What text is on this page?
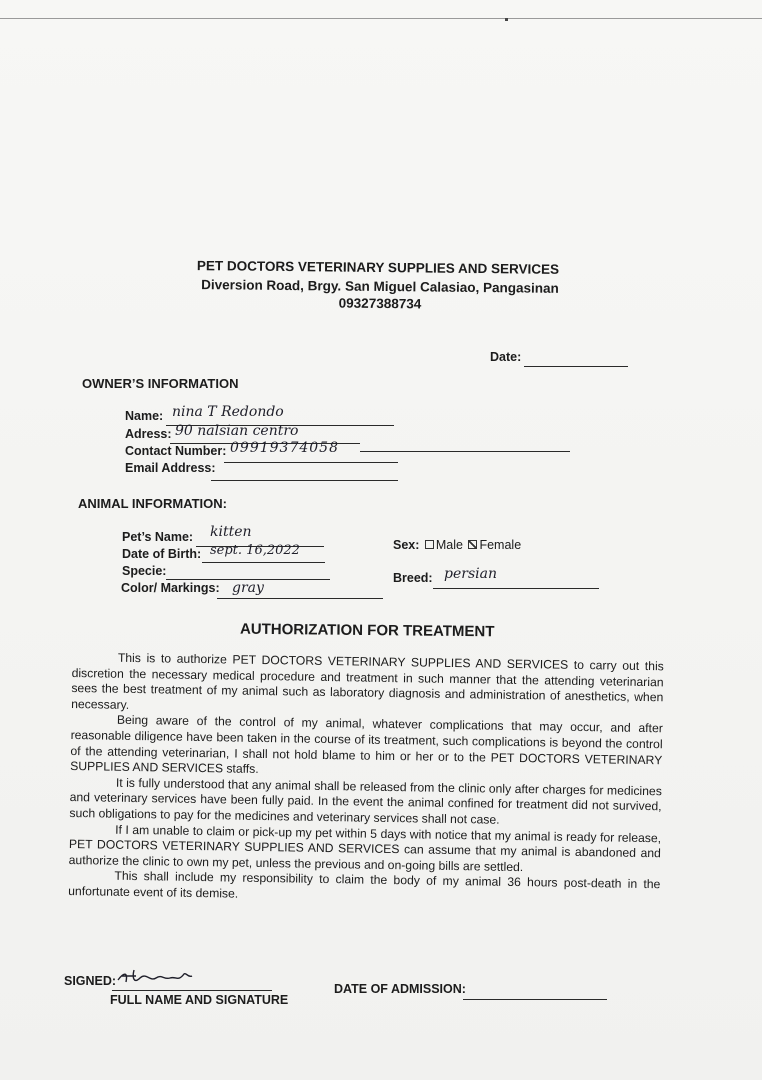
PET DOCTORS VETERINARY SUPPLIES AND SERVICES
Diversion Road, Brgy. San Miguel Calasiao, Pangasinan
09327388734
Date:
OWNER’S INFORMATION
Name: nina T Redondo
Adress: 90 nalsian centro
Contact Number: 09919374058
Email Address:
ANIMAL INFORMATION:
Pet’s Name: kitten
Date of Birth: sept. 16,2022
Specie:
Color/ Markings: gray
Sex: Male Female
Breed: persian
AUTHORIZATION FOR TREATMENT

This is to authorize PET DOCTORS VETERINARY SUPPLIES AND SERVICES to carry out this discretion the necessary medical procedure and treatment in such manner that the attending veterinarian sees the best treatment of my animal such as laboratory diagnosis and administration of anesthetics, when necessary.

Being aware of the control of my animal, whatever complications that may occur, and after reasonable diligence have been taken in the course of its treatment, such complications is beyond the control of the attending veterinarian, I shall not hold blame to him or her or to the PET DOCTORS VETERINARY SUPPLIES AND SERVICES staffs.

It is fully understood that any animal shall be released from the clinic only after charges for medicines and veterinary services have been fully paid. In the event the animal confined for treatment did not survived, such obligations to pay for the medicines and veterinary services shall not case.

If I am unable to claim or pick-up my pet within 5 days with notice that my animal is ready for release, PET DOCTORS VETERINARY SUPPLIES AND SERVICES can assume that my animal is abandoned and authorize the clinic to own my pet, unless the previous and on-going bills are settled.

This shall include my responsibility to claim the body of my animal 36 hours post-death in the unfortunate event of its demise.

SIGNED:
FULL NAME AND SIGNATURE
DATE OF ADMISSION:
